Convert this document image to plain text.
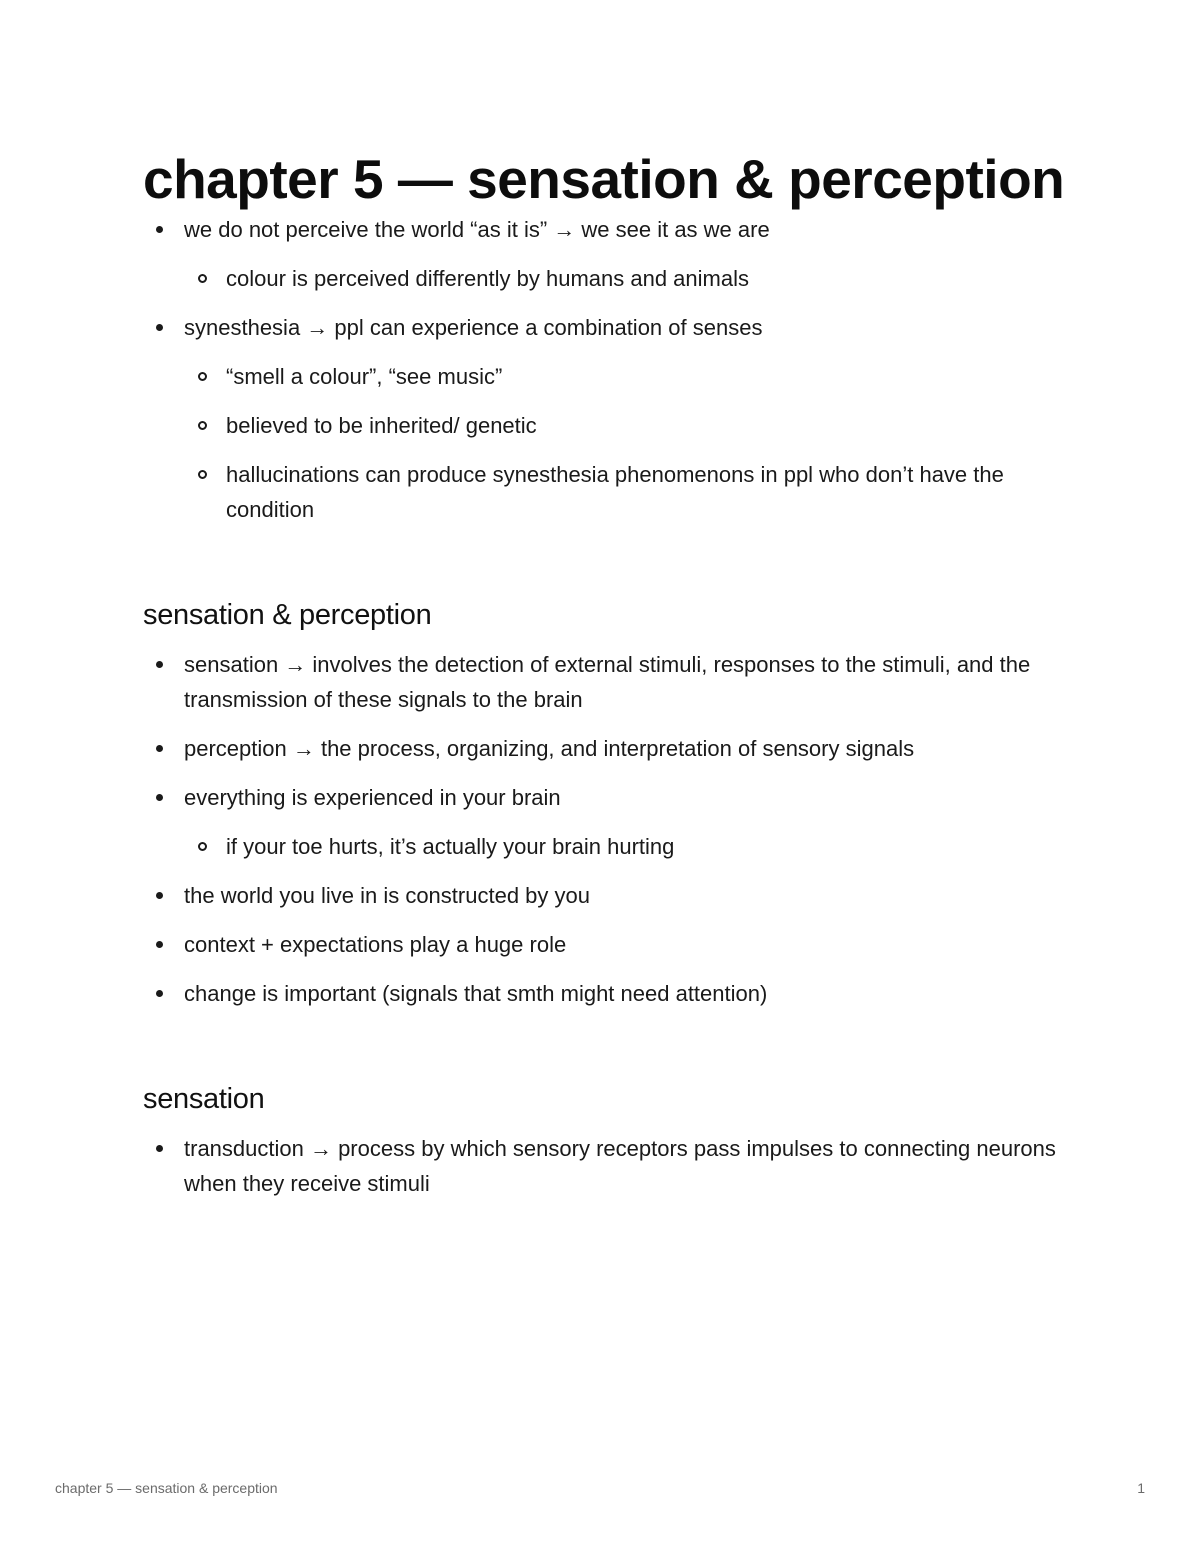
chapter 5 — sensation & perception
we do not perceive the world “as it is” → we see it as we are
colour is perceived differently by humans and animals
synesthesia → ppl can experience a combination of senses
“smell a colour”, “see music”
believed to be inherited/ genetic
hallucinations can produce synesthesia phenomenons in ppl who don’t have the condition
sensation & perception
sensation → involves the detection of external stimuli, responses to the stimuli, and the transmission of these signals to the brain
perception → the process, organizing, and interpretation of sensory signals
everything is experienced in your brain
if your toe hurts, it’s actually your brain hurting
the world you live in is constructed by you
context + expectations play a huge role
change is important (signals that smth might need attention)
sensation
transduction → process by which sensory receptors pass impulses to connecting neurons when they receive stimuli
chapter 5 — sensation & perception	1
